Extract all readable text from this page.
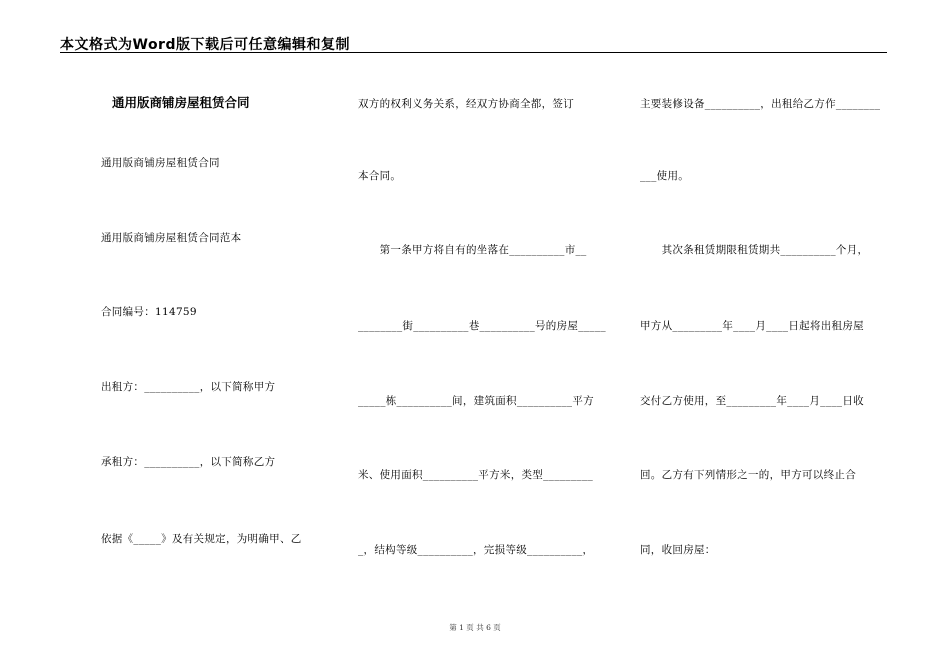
本文格式为Word版下载后可任意编辑和复制
通用版商铺房屋租赁合同
通用版商铺房屋租赁合同
通用版商铺房屋租赁合同范本
合同编号：114759
出租方：__________，以下简称甲方
承租方：__________，以下简称乙方
依据《_____》及有关规定，为明确甲、乙
双方的权利义务关系，经双方协商全都，签订
本合同。
　　第一条甲方将自有的坐落在__________市__
________街__________巷__________号的房屋_____
_____栋__________间，建筑面积__________平方
米、使用面积__________平方米，类型_________
_，结构等级__________，完损等级__________，
主要装修设备__________，出租给乙方作________
___使用。
　　其次条租赁期限租赁期共__________个月，
甲方从_________年____月____日起将出租房屋
交付乙方使用，至_________年____月____日收
回。乙方有下列情形之一的，甲方可以终止合
同，收回房屋：
第 1 页 共 6 页
